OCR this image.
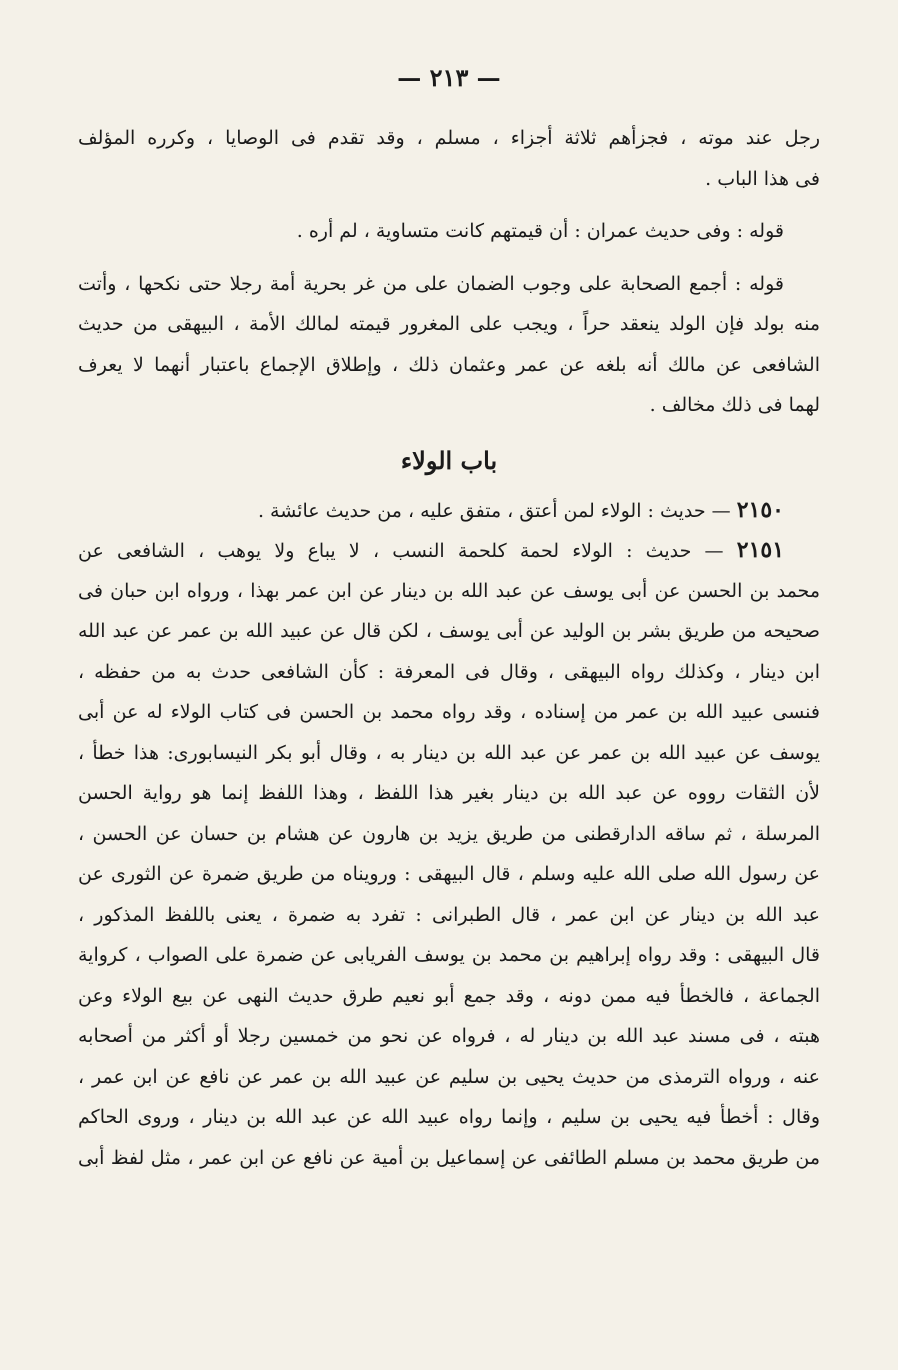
— ٢١٣ —
رجل عند موته ، فجزأهم ثلاثة أجزاء ، مسلم ، وقد تقدم فى الوصايا ، وكرره المؤلف
فى هذا الباب .
قوله : وفى حديث عمران : أن قيمتهم كانت متساوية ، لم أره .
قوله : أجمع الصحابة على وجوب الضمان على من غر بحرية أمة رجلا حتى نكحها ، وأتت
منه بولد فإن الولد ينعقد حراً ، ويجب على المغرور قيمته لمالك الأمة ، البيهقى من حديث
الشافعى عن مالك أنه بلغه عن عمر وعثمان ذلك ، وإطلاق الإجماع باعتبار أنهما لا يعرف
لهما فى ذلك مخالف .
باب الولاء
٢١٥٠ — حديث : الولاء لمن أعتق ، متفق عليه ، من حديث عائشة .
٢١٥١ — حديث : الولاء لحمة كلحمة النسب ، لا يباع ولا يوهب ، الشافعى عن
محمد بن الحسن عن أبى يوسف عن عبد الله بن دينار عن ابن عمر بهذا ، ورواه ابن حبان فى
صحيحه من طريق بشر بن الوليد عن أبى يوسف ، لكن قال عن عبيد الله بن عمر عن عبد الله
ابن دينار ، وكذلك رواه البيهقى ، وقال فى المعرفة : كأن الشافعى حدث به من حفظه ،
فنسى عبيد الله بن عمر من إسناده ، وقد رواه محمد بن الحسن فى كتاب الولاء له عن أبى
يوسف عن عبيد الله بن عمر عن عبد الله بن دينار به ، وقال أبو بكر النيسابورى: هذا خطأ ،
لأن الثقات رووه عن عبد الله بن دينار بغير هذا اللفظ ، وهذا اللفظ إنما هو رواية الحسن
المرسلة ، ثم ساقه الدارقطنى من طريق يزيد بن هارون عن هشام بن حسان عن الحسن ،
عن رسول الله صلى الله عليه وسلم ، قال البيهقى : ورويناه من طريق ضمرة عن الثورى عن
عبد الله بن دينار عن ابن عمر ، قال الطبرانى : تفرد به ضمرة ، يعنى باللفظ المذكور ،
قال البيهقى : وقد رواه إبراهيم بن محمد بن يوسف الفريابى عن ضمرة على الصواب ، كرواية
الجماعة ، فالخطأ فيه ممن دونه ، وقد جمع أبو نعيم طرق حديث النهى عن بيع الولاء وعن
هبته ، فى مسند عبد الله بن دينار له ، فرواه عن نحو من خمسين رجلا أو أكثر من أصحابه
عنه ، ورواه الترمذى من حديث يحيى بن سليم عن عبيد الله بن عمر عن نافع عن ابن عمر ،
وقال : أخطأ فيه يحيى بن سليم ، وإنما رواه عبيد الله عن عبد الله بن دينار ، وروى الحاكم
من طريق محمد بن مسلم الطائفى عن إسماعيل بن أمية عن نافع عن ابن عمر ، مثل لفظ أبى
